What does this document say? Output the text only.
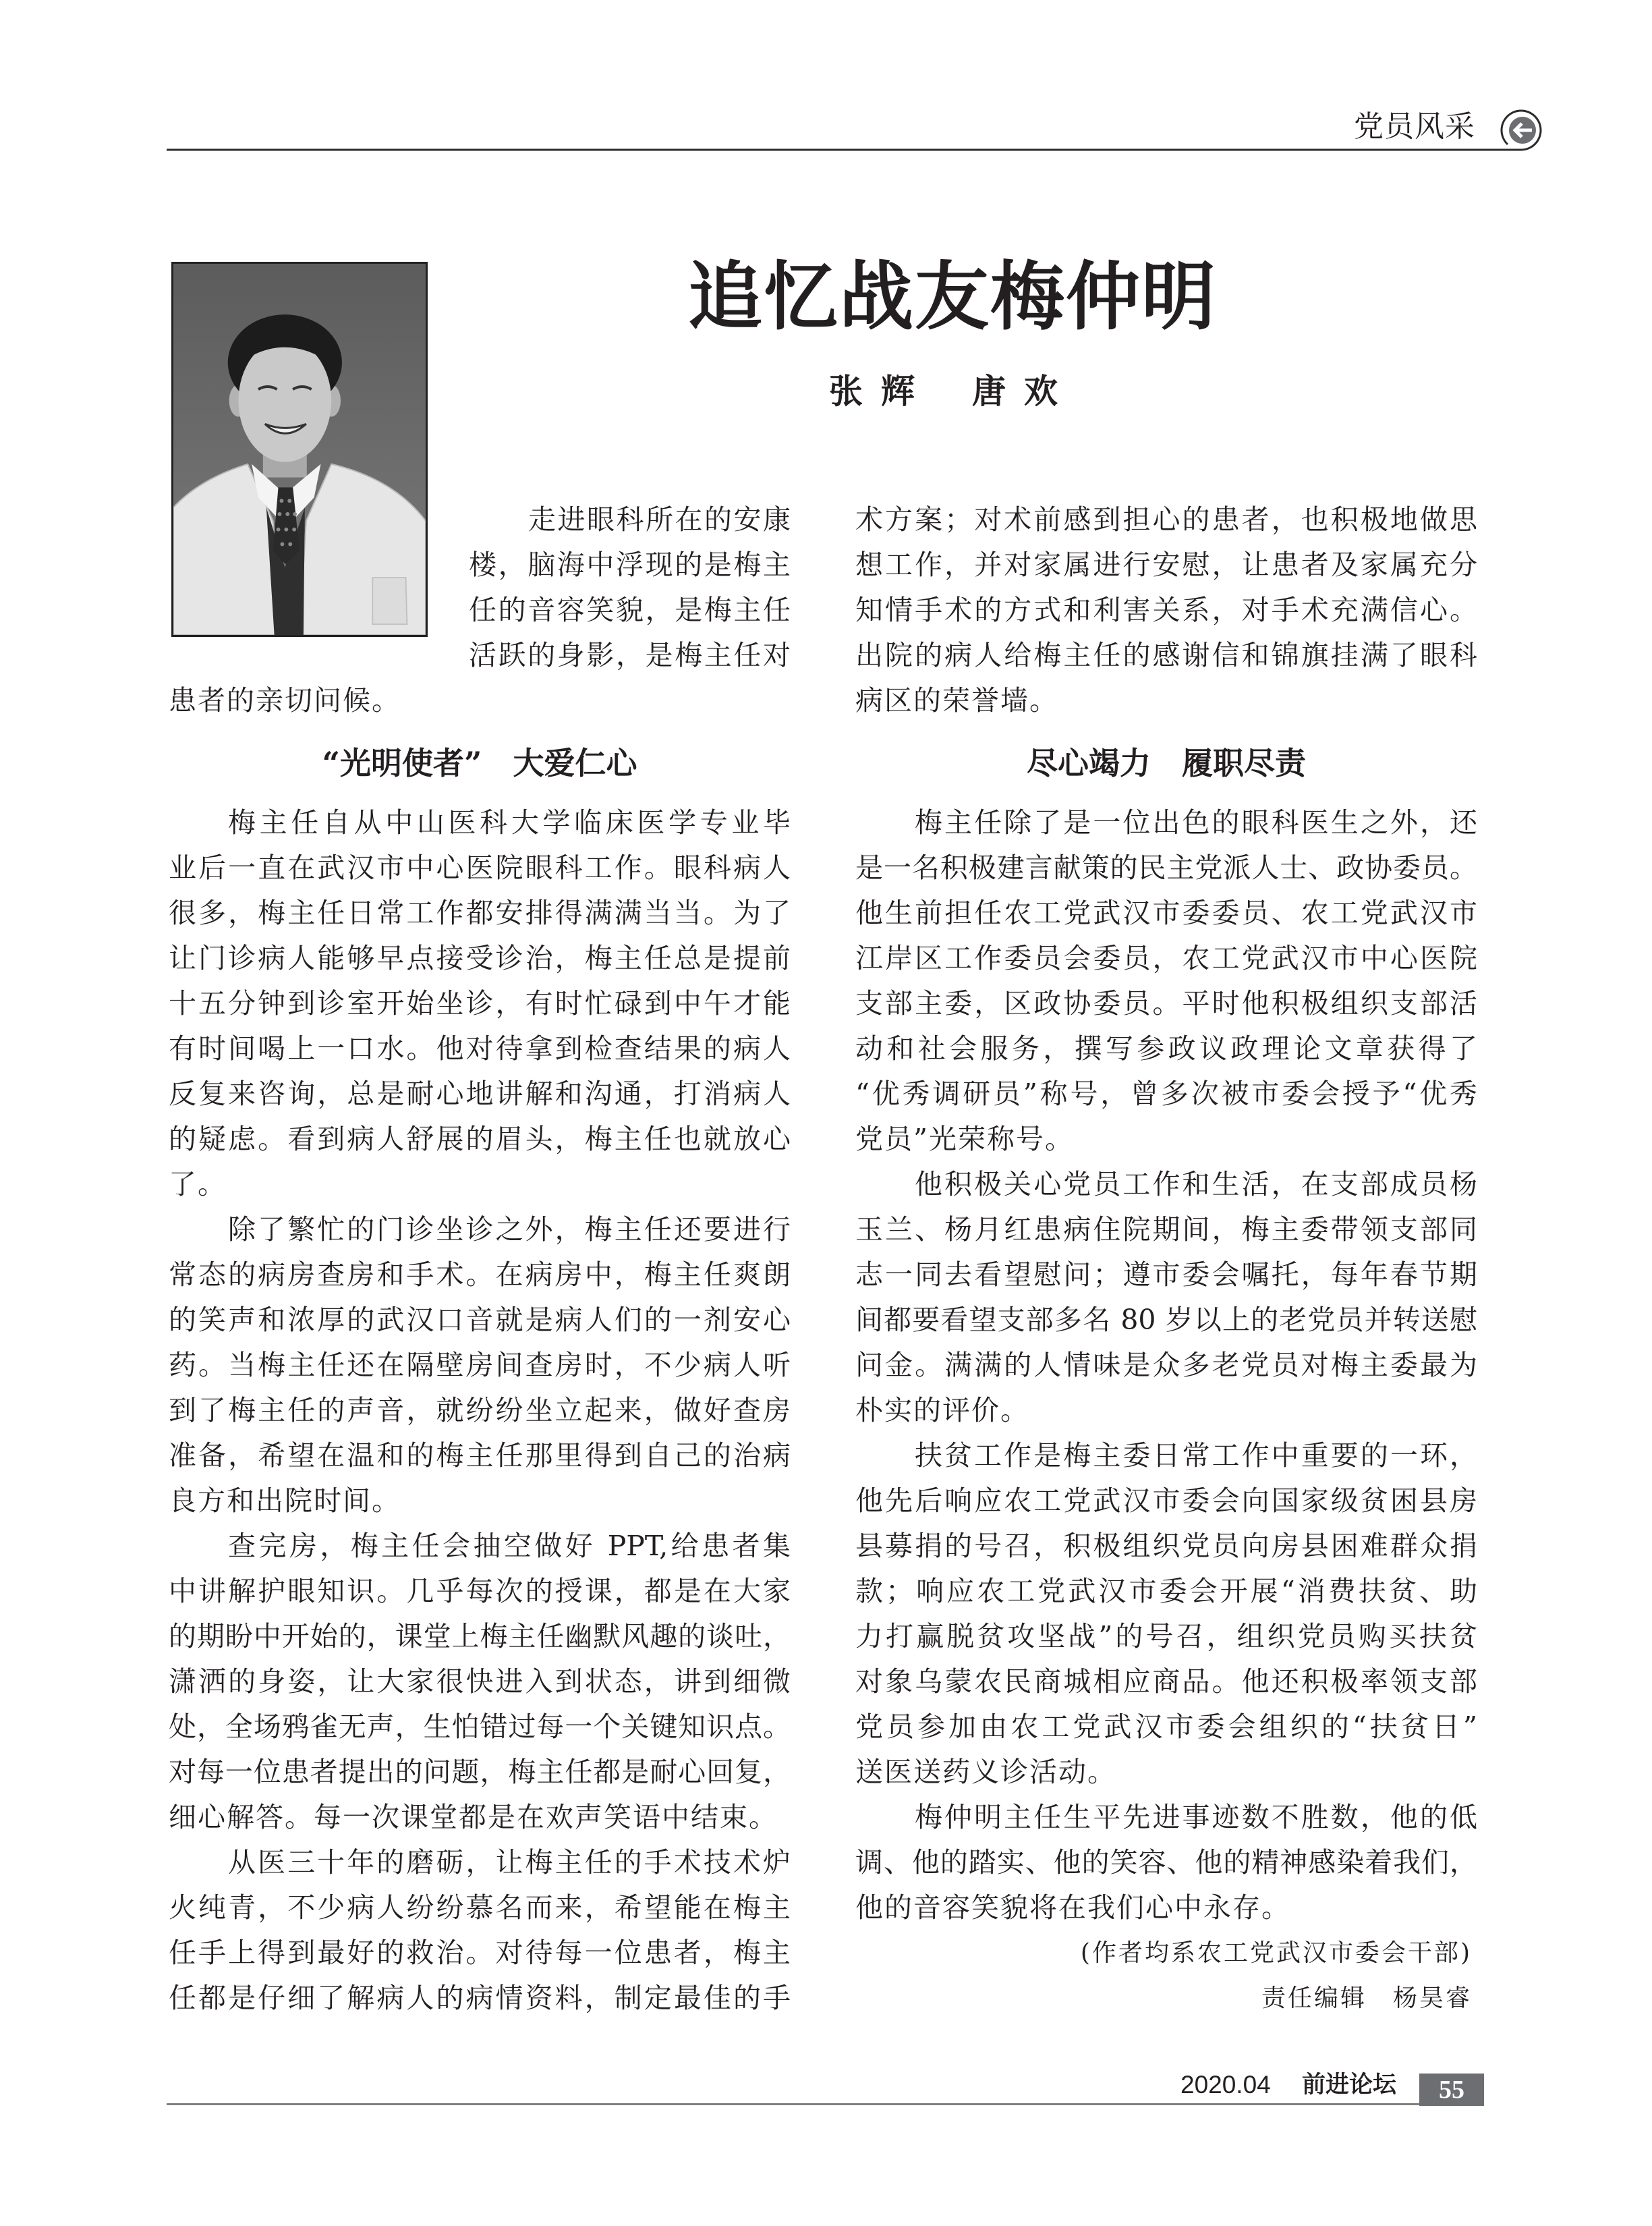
党员风采
追忆战友梅仲明
张辉 唐欢
走进眼科所在的安康
楼，脑海中浮现的是梅主
任的音容笑貌，是梅主任
活跃的身影，是梅主任对
患者的亲切问候。
“光明使者”　大爱仁心
梅主任自从中山医科大学临床医学专业毕
业后一直在武汉市中心医院眼科工作。眼科病人
很多，梅主任日常工作都安排得满满当当。为了
让门诊病人能够早点接受诊治，梅主任总是提前
十五分钟到诊室开始坐诊，有时忙碌到中午才能
有时间喝上一口水。他对待拿到检查结果的病人
反复来咨询，总是耐心地讲解和沟通，打消病人
的疑虑。看到病人舒展的眉头，梅主任也就放心
了。
除了繁忙的门诊坐诊之外，梅主任还要进行
常态的病房查房和手术。在病房中，梅主任爽朗
的笑声和浓厚的武汉口音就是病人们的一剂安心
药。当梅主任还在隔壁房间查房时，不少病人听
到了梅主任的声音，就纷纷坐立起来，做好查房
准备，希望在温和的梅主任那里得到自己的治病
良方和出院时间。
查完房，梅主任会抽空做好 PPT,给患者集
中讲解护眼知识。几乎每次的授课，都是在大家
的期盼中开始的，课堂上梅主任幽默风趣的谈吐，
潇洒的身姿，让大家很快进入到状态，讲到细微
处，全场鸦雀无声，生怕错过每一个关键知识点。
对每一位患者提出的问题，梅主任都是耐心回复，
细心解答。每一次课堂都是在欢声笑语中结束。
从医三十年的磨砺，让梅主任的手术技术炉
火纯青，不少病人纷纷慕名而来，希望能在梅主
任手上得到最好的救治。对待每一位患者，梅主
任都是仔细了解病人的病情资料，制定最佳的手
术方案；对术前感到担心的患者，也积极地做思
想工作，并对家属进行安慰，让患者及家属充分
知情手术的方式和利害关系，对手术充满信心。
出院的病人给梅主任的感谢信和锦旗挂满了眼科
病区的荣誉墙。
尽心竭力　履职尽责
梅主任除了是一位出色的眼科医生之外，还
是一名积极建言献策的民主党派人士、政协委员。
他生前担任农工党武汉市委委员、农工党武汉市
江岸区工作委员会委员，农工党武汉市中心医院
支部主委，区政协委员。平时他积极组织支部活
动和社会服务，撰写参政议政理论文章获得了
“优秀调研员”称号，曾多次被市委会授予“优秀
党员”光荣称号。
他积极关心党员工作和生活，在支部成员杨
玉兰、杨月红患病住院期间，梅主委带领支部同
志一同去看望慰问；遵市委会嘱托，每年春节期
间都要看望支部多名 80 岁以上的老党员并转送慰
问金。满满的人情味是众多老党员对梅主委最为
朴实的评价。
扶贫工作是梅主委日常工作中重要的一环，
他先后响应农工党武汉市委会向国家级贫困县房
县募捐的号召，积极组织党员向房县困难群众捐
款；响应农工党武汉市委会开展“消费扶贫、助
力打赢脱贫攻坚战”的号召，组织党员购买扶贫
对象乌蒙农民商城相应商品。他还积极率领支部
党员参加由农工党武汉市委会组织的“扶贫日”
送医送药义诊活动。
梅仲明主任生平先进事迹数不胜数，他的低
调、他的踏实、他的笑容、他的精神感染着我们，
他的音容笑貌将在我们心中永存。
(作者均系农工党武汉市委会干部)
责任编辑　 杨昊睿
2020.04 前进论坛	55
